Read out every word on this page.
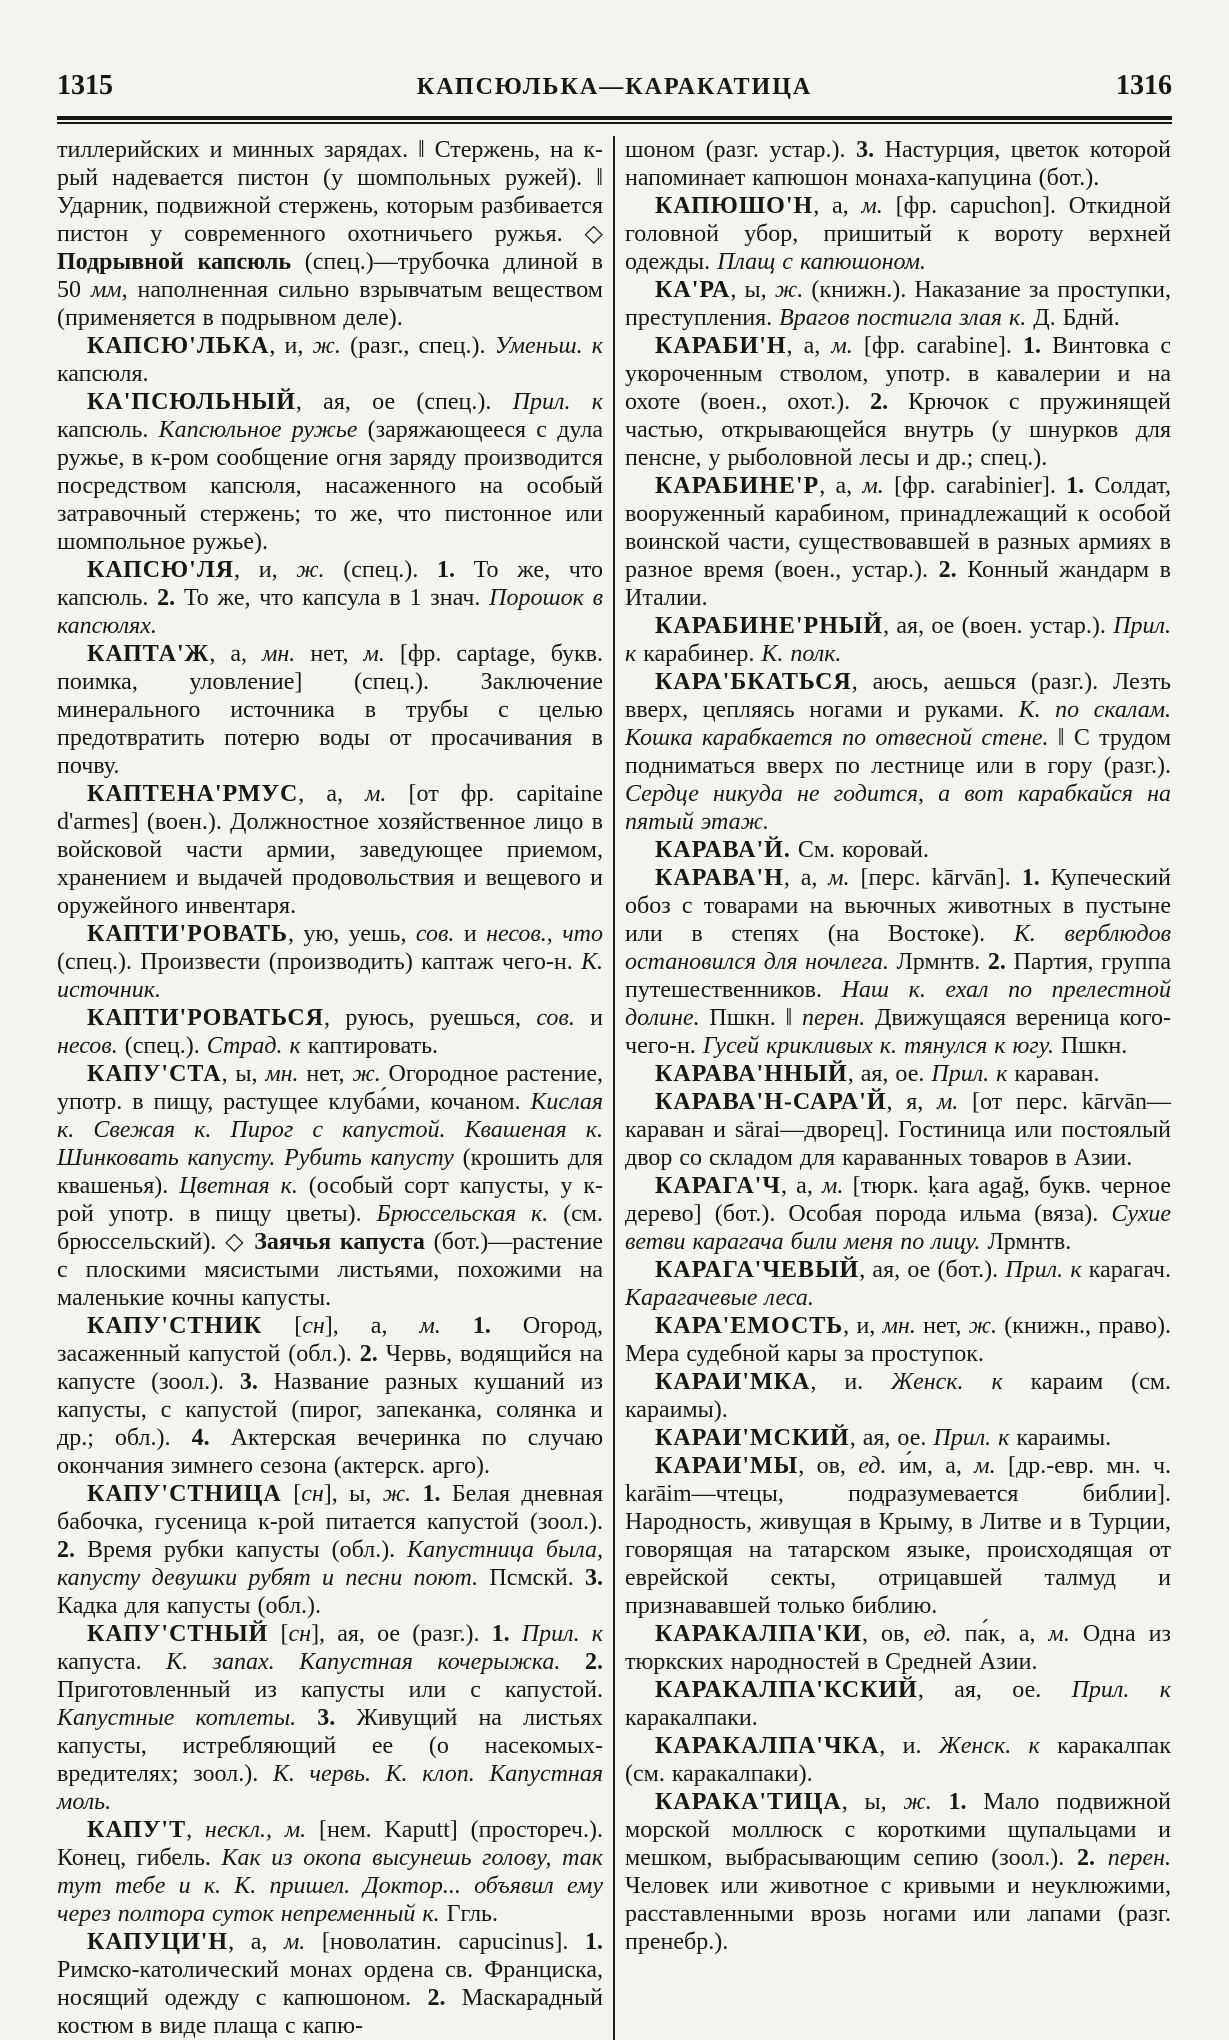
1315	КАПСЮЛЬКА—КАРАКАТИЦА	1316

тиллерийских и минных зарядах. ‖ Стержень, на к-рый надевается пистон (у шомпольных ружей). ‖ Ударник, подвижной стержень, которым разбивается пистон у современного охотничьего ружья. ◇ Подрывной капсюль (спец.)—трубочка длиной в 50 мм, наполненная сильно взрывчатым веществом (применяется в подрывном деле).

КАПСЮ'ЛЬКА, и, ж. (разг., спец.). Уменьш. к капсюля.

КА'ПСЮЛЬНЫЙ, ая, ое (спец.). Прил. к капсюль. Капсюльное ружье (заряжающееся с дула ружье, в к-ром сообщение огня заряду производится посредством капсюля, насаженного на особый затравочный стержень; то же, что пистонное или шомпольное ружье).

КАПСЮ'ЛЯ, и, ж. (спец.). 1. То же, что капсюль. 2. То же, что капсула в 1 знач. Порошок в капсюлях.

КАПТА'Ж, а, мн. нет, м. [фр. captage, букв. поимка, уловление] (спец.). Заключение минерального источника в трубы с целью предотвратить потерю воды от просачивания в почву.

КАПТЕНА'РМУС, а, м. [от фр. capitaine d'armes] (воен.). Должностное хозяйственное лицо в войсковой части армии, заведующее приемом, хранением и выдачей продовольствия и вещевого и оружейного инвентаря.

КАПТИ'РОВАТЬ, ую, уешь, сов. и несов., что (спец.). Произвести (производить) каптаж чего-н. К. источник.

КАПТИ'РОВАТЬСЯ, руюсь, руешься, сов. и несов. (спец.). Страд. к каптировать.

КАПУ'СТА, ы, мн. нет, ж. Огородное растение, употр. в пищу, растущее клуба́ми, кочаном. Кислая к. Свежая к. Пирог с капустой. Квашеная к. Шинковать капусту. Рубить капусту (крошить для квашенья). Цветная к. (особый сорт капусты, у к-рой употр. в пищу цветы). Брюссельская к. (см. брюссельский). ◇ Заячья капуста (бот.)—растение с плоскими мясистыми листьями, похожими на маленькие кочны капусты.

КАПУ'СТНИК [сн], а, м. 1. Огород, засаженный капустой (обл.). 2. Червь, водящийся на капусте (зоол.). 3. Название разных кушаний из капусты, с капустой (пирог, запеканка, солянка и др.; обл.). 4. Актерская вечеринка по случаю окончания зимнего сезона (актерск. арго).

КАПУ'СТНИЦА [сн], ы, ж. 1. Белая дневная бабочка, гусеница к-рой питается капустой (зоол.). 2. Время рубки капусты (обл.). Капустница была, капусту девушки рубят и песни поют. Псмскй. 3. Кадка для капусты (обл.).

КАПУ'СТНЫЙ [сн], ая, ое (разг.). 1. Прил. к капуста. К. запах. Капустная кочерыжка. 2. Приготовленный из капусты или с капустой. Капустные котлеты. 3. Живущий на листьях капусты, истребляющий ее (о насекомых-вредителях; зоол.). К. червь. К. клоп. Капустная моль.

КАПУ'Т, нескл., м. [нем. Kaputt] (простореч.). Конец, гибель. Как из окопа высунешь голову, так тут тебе и к. К. пришел. Доктор... объявил ему через полтора суток непременный к. Ггль.

КАПУЦИ'Н, а, м. [новолатин. capucinus]. 1. Римско-католический монах ордена св. Франциска, носящий одежду с капюшоном. 2. Маскарадный костюм в виде плаща с капю-

шоном (разг. устар.). 3. Настурция, цветок которой напоминает капюшон монаха-капуцина (бот.).

КАПЮШО'Н, а, м. [фр. capuchon]. Откидной головной убор, пришитый к вороту верхней одежды. Плащ с капюшоном.

КА'РА, ы, ж. (книжн.). Наказание за проступки, преступления. Врагов постигла злая к. Д. Бднй.

КАРАБИ'Н, а, м. [фр. carabine]. 1. Винтовка с укороченным стволом, употр. в кавалерии и на охоте (воен., охот.). 2. Крючок с пружинящей частью, открывающейся внутрь (у шнурков для пенсне, у рыболовной лесы и др.; спец.).

КАРАБИНЕ'Р, а, м. [фр. carabinier]. 1. Солдат, вооруженный карабином, принадлежащий к особой воинской части, существовавшей в разных армиях в разное время (воен., устар.). 2. Конный жандарм в Италии.

КАРАБИНЕ'РНЫЙ, ая, ое (воен. устар.). Прил. к карабинер. К. полк.

КАРА'БКАТЬСЯ, аюсь, аешься (разг.). Лезть вверх, цепляясь ногами и руками. К. по скалам. Кошка карабкается по отвесной стене. ‖ С трудом подниматься вверх по лестнице или в гору (разг.). Сердце никуда не годится, а вот карабкайся на пятый этаж.

КАРАВА'Й. См. коровай.

КАРАВА'Н, а, м. [перс. kārvān]. 1. Купеческий обоз с товарами на вьючных животных в пустыне или в степях (на Востоке). К. верблюдов остановился для ночлега. Лрмнтв. 2. Партия, группа путешественников. Наш к. ехал по прелестной долине. Пшкн. ‖ перен. Движущаяся вереница кого-чего-н. Гусей крикливых к. тянулся к югу. Пшкн.

КАРАВА'ННЫЙ, ая, ое. Прил. к караван.

КАРАВА'Н-САРА'Й, я, м. [от перс. kārvān—караван и särai—дворец]. Гостиница или постоялый двор со складом для караванных товаров в Азии.

КАРАГА'Ч, а, м. [тюрк. ḳara agağ, букв. черное дерево] (бот.). Особая порода ильма (вяза). Сухие ветви карагача били меня по лицу. Лрмнтв.

КАРАГА'ЧЕВЫЙ, ая, ое (бот.). Прил. к карагач. Карагачевые леса.

КАРА'ЕМОСТЬ, и, мн. нет, ж. (книжн., право). Мера судебной кары за проступок.

КАРАИ'МКА, и. Женск. к караим (см. караимы).

КАРАИ'МСКИЙ, ая, ое. Прил. к караимы.

КАРАИ'МЫ, ов, ед. и́м, а, м. [др.-евр. мн. ч. karāim—чтецы, подразумевается библии]. Народность, живущая в Крыму, в Литве и в Турции, говорящая на татарском языке, происходящая от еврейской секты, отрицавшей талмуд и признававшей только библию.

КАРАКАЛПА'КИ, ов, ед. па́к, а, м. Одна из тюркских народностей в Средней Азии.

КАРАКАЛПА'КСКИЙ, ая, ое. Прил. к каракалпаки.

КАРАКАЛПА'ЧКА, и. Женск. к каракалпак (см. каракалпаки).

КАРАКА'ТИЦА, ы, ж. 1. Мало подвижной морской моллюск с короткими щупальцами и мешком, выбрасывающим сепию (зоол.). 2. перен. Человек или животное с кривыми и неуклюжими, расставленными врозь ногами или лапами (разг. пренебр.).
